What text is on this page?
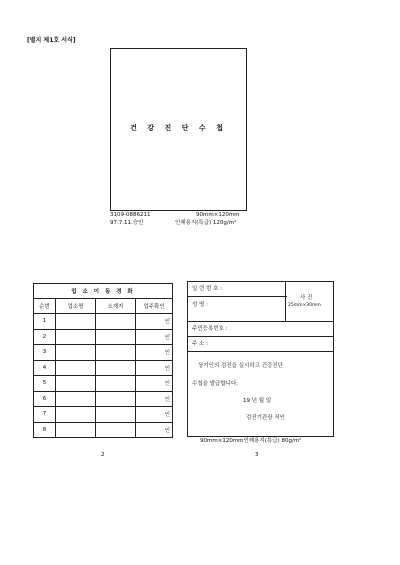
[별지 제1호 서식]
건 강 진 단 수 첩
3109-0886211
97.7.11.승인
90mm×120mm
인쇄용지(특급) 120g/m²
업 소 이 동 경 화			
순번	업소명	소재지	업주확인
1			인
2			인
3			인
4			인
5			인
6			인
7			인
8			인
일 련 번 호 :
성 명 :
사 진
25mm×30mm
주민등록번호 :
주 소 :
상기인의 검진을 실시하고 건강진단
수첩을 발급합니다.
19 년 월 일
검진기관장 직인
90mm×120mm인쇄용지(특급) 80g/m²
2	3
